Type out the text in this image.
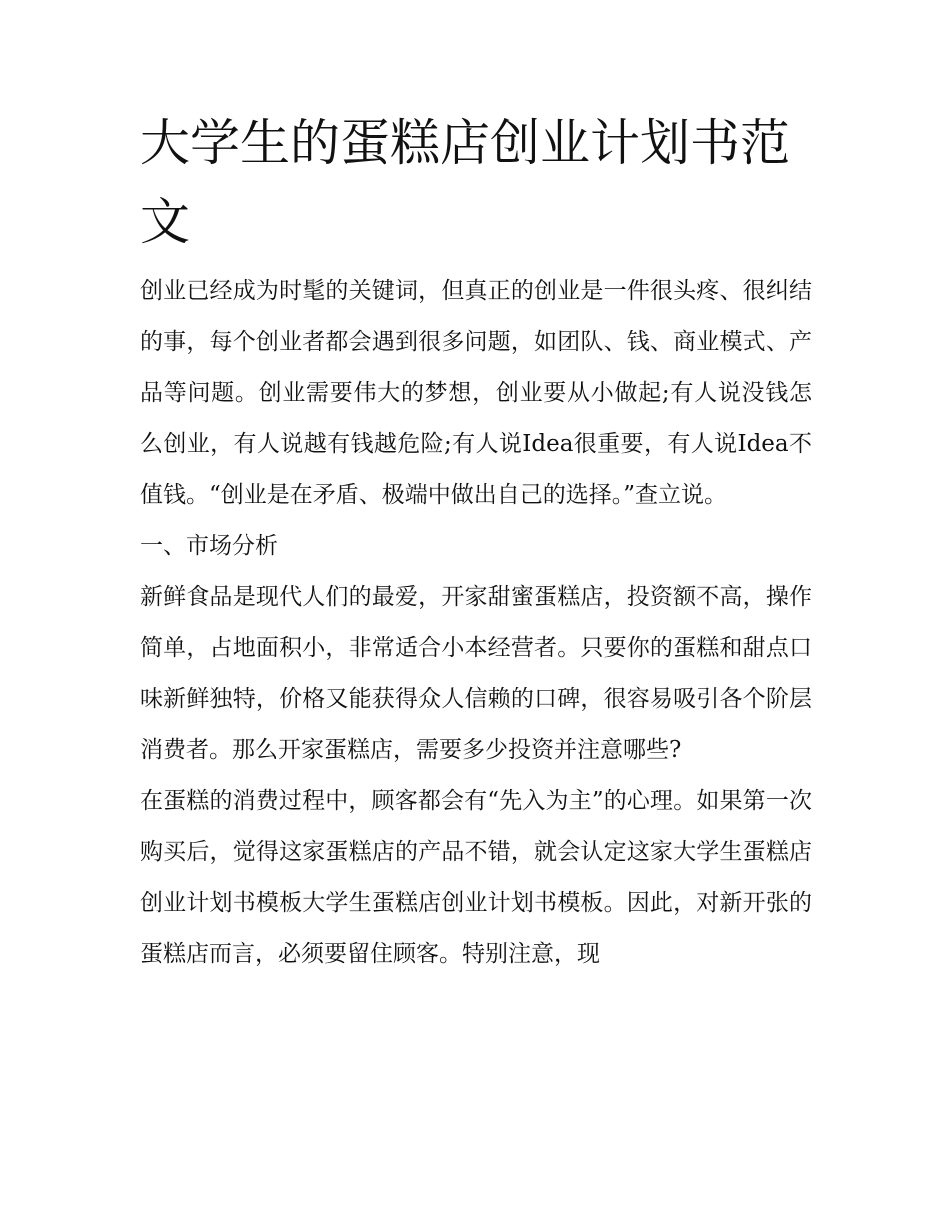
大学生的蛋糕店创业计划书范文

创业已经成为时髦的关键词，但真正的创业是一件很头疼、很纠结的事，每个创业者都会遇到很多问题，如团队、钱、商业模式、产品等问题。创业需要伟大的梦想，创业要从小做起;有人说没钱怎么创业，有人说越有钱越危险;有人说Idea很重要，有人说Idea不值钱。“创业是在矛盾、极端中做出自己的选择。”查立说。

一、市场分析

新鲜食品是现代人们的最爱，开家甜蜜蛋糕店，投资额不高，操作简单，占地面积小，非常适合小本经营者。只要你的蛋糕和甜点口味新鲜独特，价格又能获得众人信赖的口碑，很容易吸引各个阶层消费者。那么开家蛋糕店，需要多少投资并注意哪些?

在蛋糕的消费过程中，顾客都会有“先入为主”的心理。如果第一次购买后，觉得这家蛋糕店的产品不错，就会认定这家大学生蛋糕店创业计划书模板大学生蛋糕店创业计划书模板。因此，对新开张的蛋糕店而言，必须要留住顾客。特别注意，现
